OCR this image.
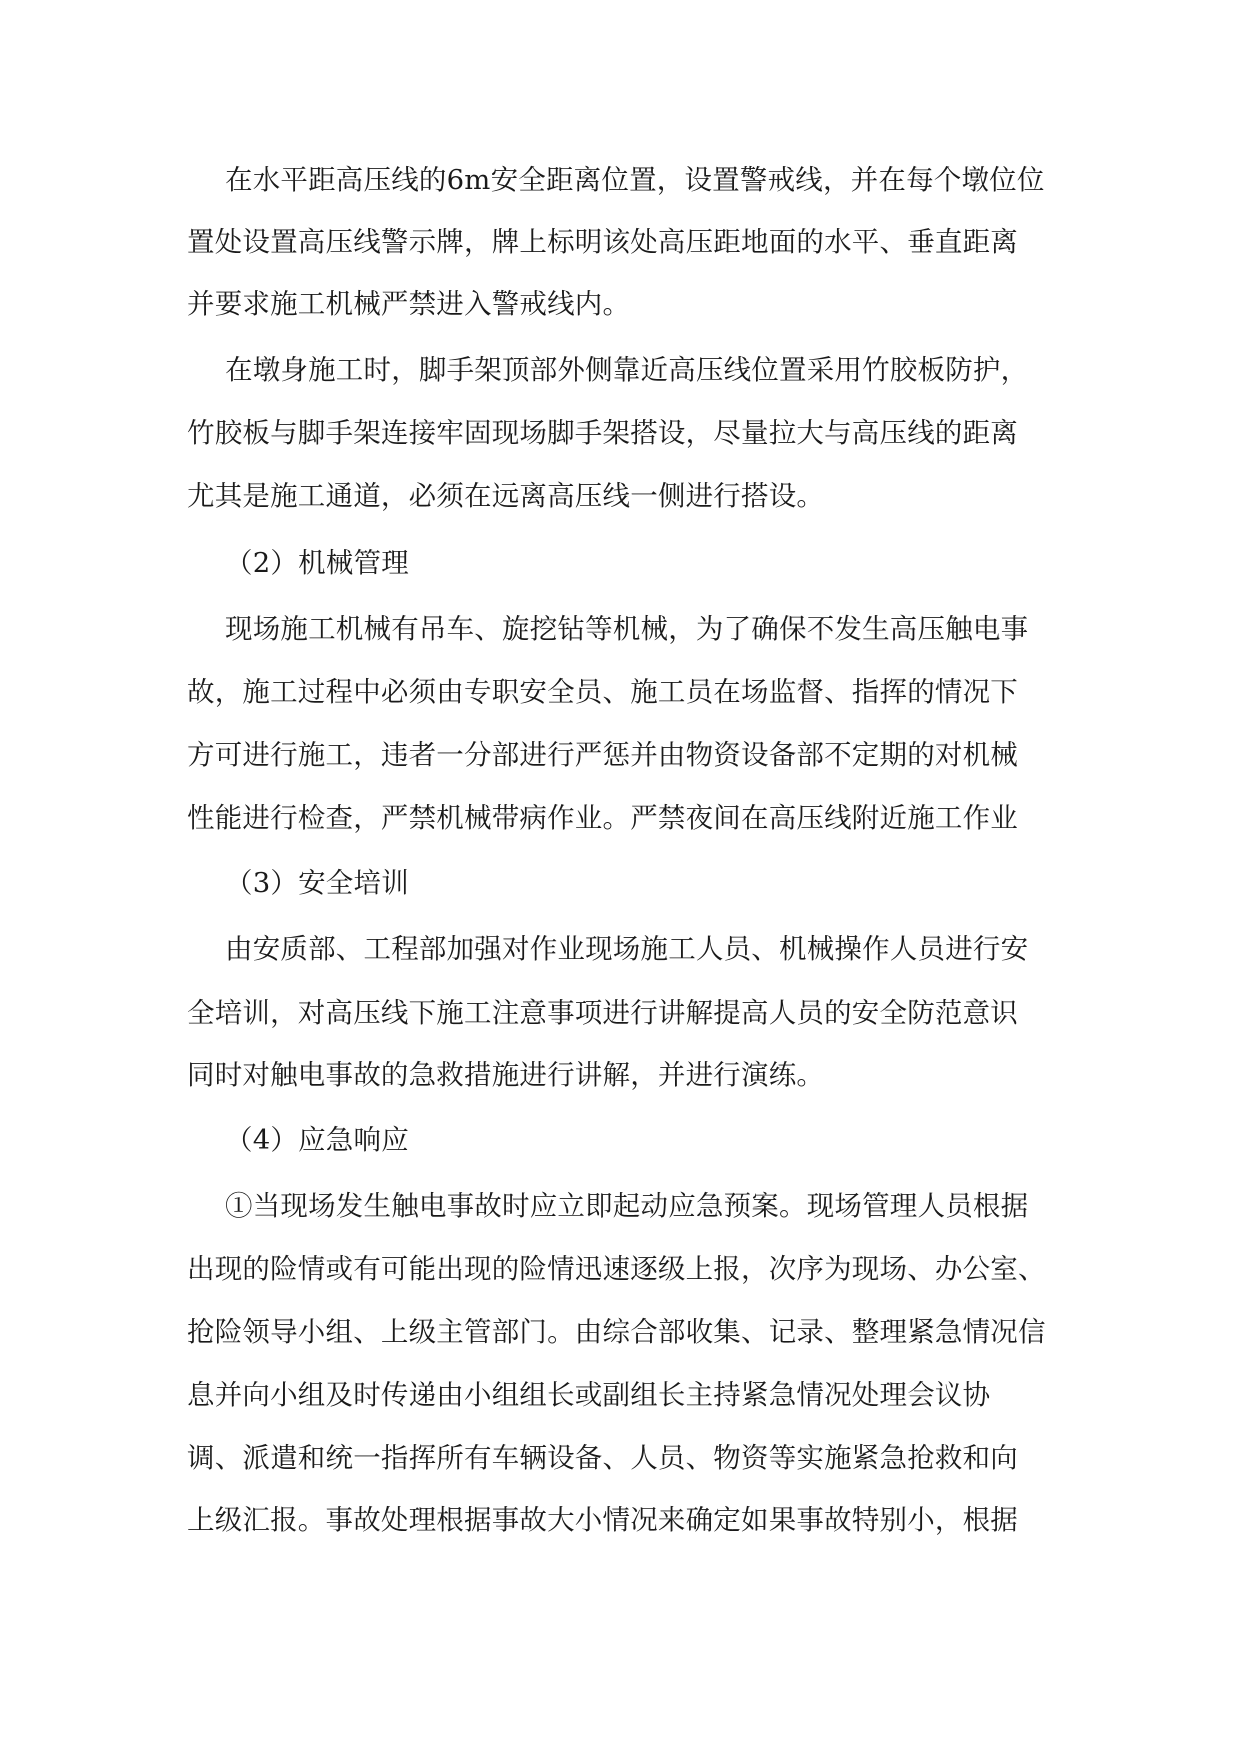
在水平距高压线的6m安全距离位置，设置警戒线，并在每个墩位位
置处设置高压线警示牌，牌上标明该处高压距地面的水平、垂直距离
并要求施工机械严禁进入警戒线内。
在墩身施工时，脚手架顶部外侧靠近高压线位置采用竹胶板防护，
竹胶板与脚手架连接牢固现场脚手架搭设，尽量拉大与高压线的距离
尤其是施工通道，必须在远离高压线一侧进行搭设。
（2）机械管理
现场施工机械有吊车、旋挖钻等机械，为了确保不发生高压触电事
故，施工过程中必须由专职安全员、施工员在场监督、指挥的情况下
方可进行施工，违者一分部进行严惩并由物资设备部不定期的对机械
性能进行检查，严禁机械带病作业。严禁夜间在高压线附近施工作业
（3）安全培训
由安质部、工程部加强对作业现场施工人员、机械操作人员进行安
全培训，对高压线下施工注意事项进行讲解提高人员的安全防范意识
同时对触电事故的急救措施进行讲解，并进行演练。
（4）应急响应
①当现场发生触电事故时应立即起动应急预案。现场管理人员根据
出现的险情或有可能出现的险情迅速逐级上报，次序为现场、办公室、
抢险领导小组、上级主管部门。由综合部收集、记录、整理紧急情况信
息并向小组及时传递由小组组长或副组长主持紧急情况处理会议协
调、派遣和统一指挥所有车辆设备、人员、物资等实施紧急抢救和向
上级汇报。事故处理根据事故大小情况来确定如果事故特别小，根据
